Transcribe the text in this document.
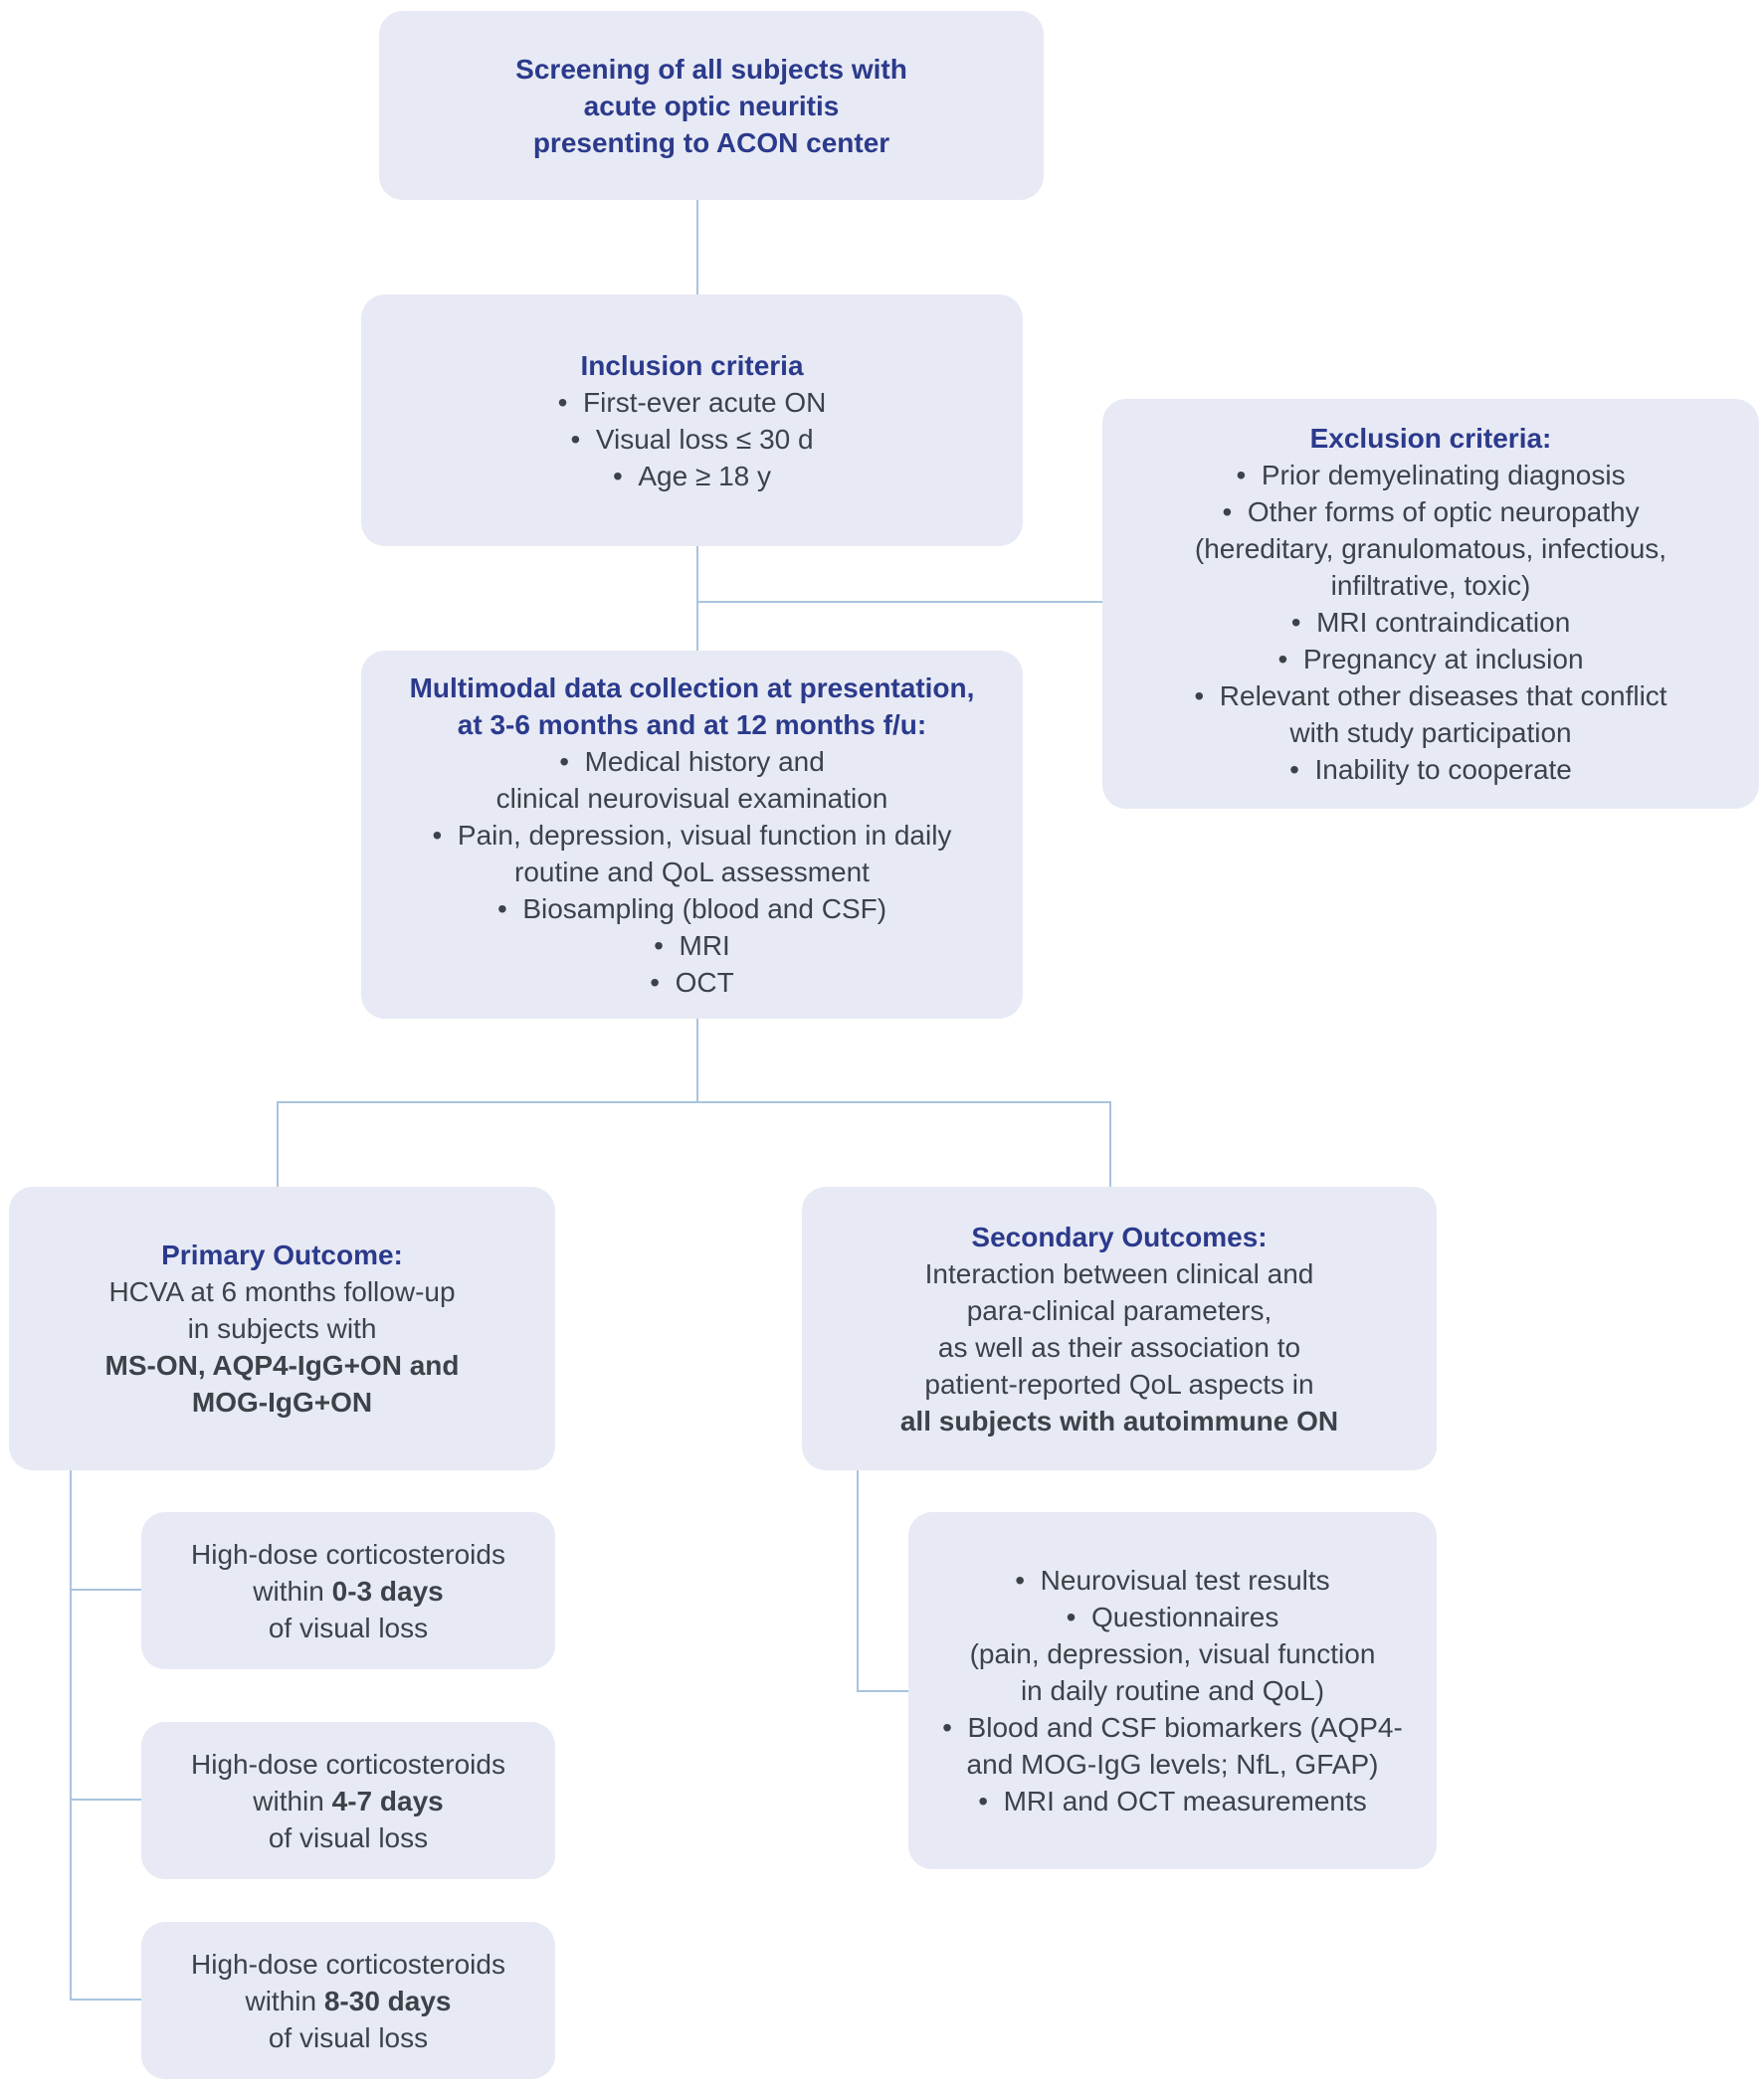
Screening of all subjects with
acute optic neuritis
presenting to ACON center
Inclusion criteria
•  First-ever acute ON
•  Visual loss ≤ 30 d
•  Age ≥ 18 y
Exclusion criteria:
•  Prior demyelinating diagnosis
•  Other forms of optic neuropathy
(hereditary, granulomatous, infectious,
infiltrative, toxic)
•  MRI contraindication
•  Pregnancy at inclusion
•  Relevant other diseases that conflict
with study participation
•  Inability to cooperate
Multimodal data collection at presentation,
at 3-6 months and at 12 months f/u:
•  Medical history and
clinical neurovisual examination
•  Pain, depression, visual function in daily
routine and QoL assessment
•  Biosampling (blood and CSF)
•  MRI
•  OCT
Primary Outcome:
HCVA at 6 months follow-up
in subjects with
MS-ON, AQP4-IgG+ON and
MOG-IgG+ON
Secondary Outcomes:
Interaction between clinical and
para-clinical parameters,
as well as their association to
patient-reported QoL aspects in
all subjects with autoimmune ON
High-dose corticosteroids
within 0-3 days
of visual loss
High-dose corticosteroids
within 4-7 days
of visual loss
High-dose corticosteroids
within 8-30 days
of visual loss
•  Neurovisual test results
•  Questionnaires
(pain, depression, visual function
in daily routine and QoL)
•  Blood and CSF biomarkers (AQP4-
and MOG-IgG levels; NfL, GFAP)
•  MRI and OCT measurements
